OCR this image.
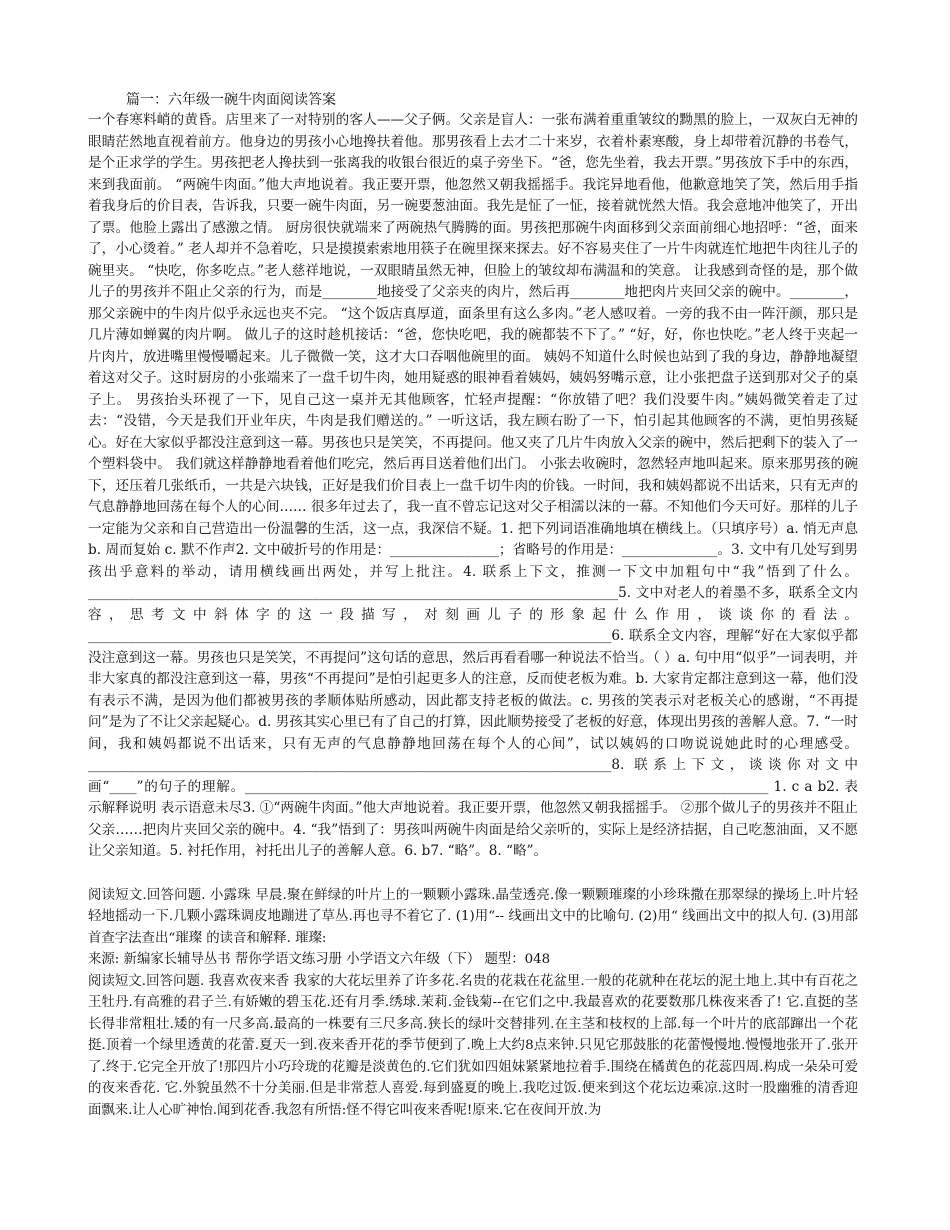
篇一：六年级一碗牛肉面阅读答案

一个春寒料峭的黄昏。店里来了一对特别的客人——父子俩。父亲是盲人：一张布满着重重皱纹的黝黑的脸上，一双灰白无神的眼睛茫然地直视着前方。他身边的男孩小心地搀扶着他。那男孩看上去才二十来岁，衣着朴素寒酸，身上却带着沉静的书卷气，是个正求学的学生。男孩把老人搀扶到一张离我的收银台很近的桌子旁坐下。“爸，您先坐着，我去开票。”男孩放下手中的东西，来到我面前。 “两碗牛肉面。”他大声地说着。我正要开票，他忽然又朝我摇摇手。我诧异地看他，他歉意地笑了笑，然后用手指着我身后的价目表，告诉我，只要一碗牛肉面，另一碗要葱油面。我先是怔了一怔，接着就恍然大悟。我会意地冲他笑了，开出了票。他脸上露出了感激之情。 厨房很快就端来了两碗热气腾腾的面。男孩把那碗牛肉面移到父亲面前细心地招呼：“爸，面来了，小心烫着。” 老人却并不急着吃，只是摸摸索索地用筷子在碗里探来探去。好不容易夹住了一片牛肉就连忙地把牛肉往儿子的碗里夹。 “快吃，你多吃点。”老人慈祥地说，一双眼睛虽然无神，但脸上的皱纹却布满温和的笑意。 让我感到奇怪的是，那个做儿子的男孩并不阻止父亲的行为，而是________地接受了父亲夹的肉片，然后再________地把肉片夹回父亲的碗中。________，那父亲碗中的牛肉片似乎永远也夹不完。 “这个饭店真厚道，面条里有这么多肉。”老人感叹着。一旁的我不由一阵汗颜，那只是几片薄如蝉翼的肉片啊。 做儿子的这时趁机接话：“爸，您快吃吧，我的碗都装不下了。” “好，好，你也快吃。”老人终于夹起一片肉片，放进嘴里慢慢嚼起来。儿子微微一笑，这才大口吞咽他碗里的面。 姨妈不知道什么时候也站到了我的身边，静静地凝望着这对父子。这时厨房的小张端来了一盘千切牛肉，她用疑惑的眼神看着姨妈，姨妈努嘴示意，让小张把盘子送到那对父子的桌子上。 男孩抬头环视了一下，见自己这一桌并无其他顾客，忙轻声提醒：“你放错了吧？我们没要牛肉。”姨妈微笑着走了过去：“没错，今天是我们开业年庆，牛肉是我们赠送的。” 一听这话，我左顾右盼了一下，怕引起其他顾客的不满，更怕男孩疑心。好在大家似乎都没注意到这一幕。男孩也只是笑笑，不再提问。他又夹了几片牛肉放入父亲的碗中，然后把剩下的装入了一个塑料袋中。 我们就这样静静地看着他们吃完，然后再目送着他们出门。 小张去收碗时，忽然轻声地叫起来。原来那男孩的碗下，还压着几张纸币，一共是六块钱，正好是我们价目表上一盘千切牛肉的价钱。一时间，我和姨妈都说不出话来，只有无声的气息静静地回荡在每个人的心间…… 很多年过去了，我一直不曾忘记这对父子相濡以沫的一幕。不知他们今天可好。那样的儿子一定能为父亲和自己营造出一份温馨的生活，这一点，我深信不疑。1. 把下列词语准确地填在横线上。（只填序号）a. 悄无声息 b. 周而复始 c. 默不作声2. 文中破折号的作用是：________________；省略号的作用是：______________。3. 文中有几处写到男孩出乎意料的举动，请用横线画出两处，并写上批注。4. 联系上下文，推测一下文中加粗句中“我”悟到了什么。______________________________________________________________________________5. 文中对老人的着墨不多，联系全文内容，思考文中斜体字的这一段描写，对刻画儿子的形象起什么作用，谈谈你的看法。_____________________________________________________________________________6. 联系全文内容，理解“好在大家似乎都没注意到这一幕。男孩也只是笑笑，不再提问”这句话的意思，然后再看看哪一种说法不恰当。（ ）a. 句中用“似乎”一词表明，并非大家真的都没注意到这一幕，男孩“不再提问”是怕引起更多人的注意，反而使老板为难。b. 大家肯定都注意到这一幕，他们没有表示不满，是因为他们都被男孩的孝顺体贴所感动，因此都支持老板的做法。c. 男孩的笑表示对老板关心的感谢，“不再提问”是为了不让父亲起疑心。d. 男孩其实心里已有了自己的打算，因此顺势接受了老板的好意，体现出男孩的善解人意。7. “一时间，我和姨妈都说不出话来，只有无声的气息静静地回荡在每个人的心间”，试以姨妈的口吻说说她此时的心理感受。_____________________________________________________________________________8. 联系上下文，谈谈你对文中画“____”的句子的理解。_____________________________________________________________________________ 1. c a b2. 表示解释说明 表示语意未尽3. ①“两碗牛肉面。”他大声地说着。我正要开票，他忽然又朝我摇摇手。 ②那个做儿子的男孩并不阻止父亲……把肉片夹回父亲的碗中。4. “我”悟到了：男孩叫两碗牛肉面是给父亲听的，实际上是经济拮据，自己吃葱油面，又不愿让父亲知道。5. 衬托作用，衬托出儿子的善解人意。6. b7. “略”。8. “略”。

阅读短文.回答问题. 小露珠 早晨.聚在鲜绿的叶片上的一颗颗小露珠.晶莹透亮.像一颗颗璀璨的小珍珠撒在那翠绿的操场上.叶片轻轻地摇动一下.几颗小露珠调皮地蹦进了草丛.再也寻不着它了. (1)用“-- 线画出文中的比喻句. (2)用“ 线画出文中的拟人句. (3)用部首查字法查出“璀璨 的读音和解释. 璀璨:

来源: 新编家长辅导丛书 帮你学语文练习册 小学语文六年级（下） 题型：048

阅读短文.回答问题. 我喜欢夜来香 我家的大花坛里养了许多花.名贵的花栽在花盆里.一般的花就种在花坛的泥土地上.其中有百花之王牡丹.有高雅的君子兰.有娇嫩的碧玉花.还有月季.绣球.茉莉.金钱菊--在它们之中.我最喜欢的花要数那几株夜来香了! 它.直挺的茎长得非常粗壮.矮的有一尺多高.最高的一株要有三尺多高.狭长的绿叶交替排列.在主茎和枝杈的上部.每一个叶片的底部蹿出一个花挺.顶着一个绿里透黄的花蕾.夏天一到.夜来香开花的季节便到了.晚上大约8点来钟.只见它那鼓胀的花蕾慢慢地.慢慢地张开了.张开了.终于.它完全开放了!那四片小巧玲珑的花瓣是淡黄色的.它们犹如四姐妹紧紧地拉着手.围绕在橘黄色的花蕊四周.构成一朵朵可爱的夜来香花. 它.外貌虽然不十分美丽.但是非常惹人喜爱.每到盛夏的晚上.我吃过饭.便来到这个花坛边乘凉.这时一股幽雅的清香迎面飘来.让人心旷神怡.闻到花香.我忽有所悟:怪不得它叫夜来香呢!原来.它在夜间开放.为
